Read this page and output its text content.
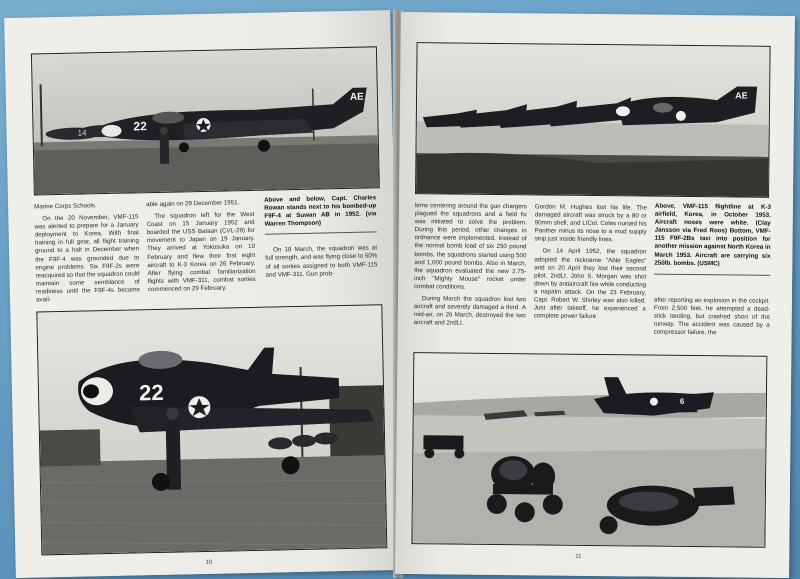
14	22
AE

Marine Corps Schools.

On the 20 November, VMF-115 was alerted to prepare for a January deployment to Korea. With final training in full gear, all flight training ground to a halt in December when the F9F-4 was grounded due to engine problems. Six F9F-2s were reacquired so that the squadron could maintain some semblance of readiness until the F9F-4s became avail-

able again on 29 December 1951.

The squadron left for the West Coast on 15 January 1952 and boarded the USS Bataan (CVL-29) for movement to Japan on 19 January. They arrived at Yokosuka on 10 February and flew their first eight aircraft to K-3 Korea on 26 February. After flying combat familiarization flights with VMF-311, combat sorties commenced on 29 February.

Above and below, Capt. Charles Rowan stands next to his bombed-up F9F-4 at Suwan AB in 1952. (via Warren Thompson)

On 18 March, the squadron was at full strength, and was flying close to 50% of all sorties assigned to both VMF-115 and VMF-311. Gun prob-

22
10
AE

lems centering around the gun chargers plagued the squadrons and a field fix was initiated to solve the problem. During this period, other changes in ordnance were implemented. Instead of the normal bomb load of six 250 pound bombs, the squadrons started using 500 and 1,000 pound bombs. Also in March, the squadron evaluated the new 2.75-inch "Mighty Mouse" rocket under combat conditions.

During March the squadron lost two aircraft and severely damaged a third. A mid-air, on 26 March, destroyed the two aircraft and 2ndLt.

Gordon M. Hughes lost his life. The damaged aircraft was struck by a 80 or 90mm shell, and LtCol. Coles nursed his Panther minus its nose to a mud supply strip just inside friendly lines.

On 14 April 1952, the squadron adopted the nickname "Able Eagles" and on 20 April they lost their second pilot. 2ndLt. John S. Morgan was shot down by antiaircraft fire while conducting a napalm attack. On the 23 February, Capt. Robert W. Shirley was also killed. Just after takeoff, he experienced a complete power failure

Above, VMF-115 flightline at K-3 airfield, Korea, in October 1953. Aircraft noses were white. (Clay Jansson via Fred Roos) Bottom, VMF-115 F9F-2Bs taxi into position for another mission against North Korea in March 1953. Aircraft are carrying six 250lb. bombs. (USMC)

after reporting an explosion in the cockpit. From 2,500 feet, he attempted a dead-stick landing, but crashed short of the runway. The accident was caused by a compressor failure, the

6
11
